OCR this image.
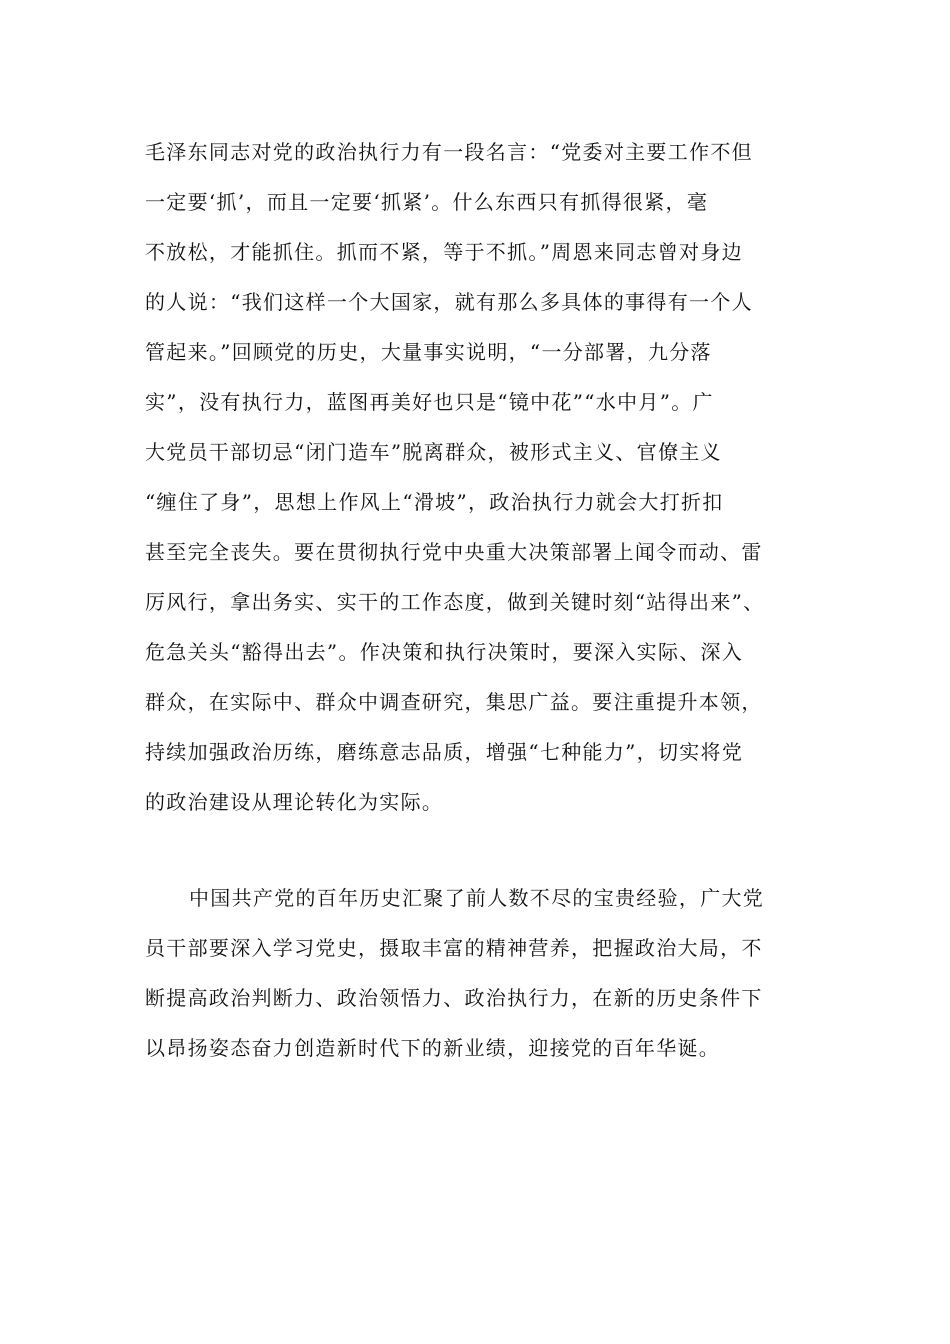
毛泽东同志对党的政治执行力有一段名言：“党委对主要工作不但
一定要‘抓’，而且一定要‘抓紧’。什么东西只有抓得很紧，毫
不放松，才能抓住。抓而不紧，等于不抓。”周恩来同志曾对身边
的人说：“我们这样一个大国家，就有那么多具体的事得有一个人
管起来。”回顾党的历史，大量事实说明，“一分部署，九分落
实”，没有执行力，蓝图再美好也只是“镜中花”“水中月”。广
大党员干部切忌“闭门造车”脱离群众，被形式主义、官僚主义
“缠住了身”，思想上作风上“滑坡”，政治执行力就会大打折扣
甚至完全丧失。要在贯彻执行党中央重大决策部署上闻令而动、雷
厉风行，拿出务实、实干的工作态度，做到关键时刻“站得出来”、
危急关头“豁得出去”。作决策和执行决策时，要深入实际、深入
群众，在实际中、群众中调查研究，集思广益。要注重提升本领，
持续加强政治历练，磨练意志品质，增强“七种能力”，切实将党
的政治建设从理论转化为实际。
中国共产党的百年历史汇聚了前人数不尽的宝贵经验，广大党
员干部要深入学习党史，摄取丰富的精神营养，把握政治大局，不
断提高政治判断力、政治领悟力、政治执行力，在新的历史条件下
以昂扬姿态奋力创造新时代下的新业绩，迎接党的百年华诞。
